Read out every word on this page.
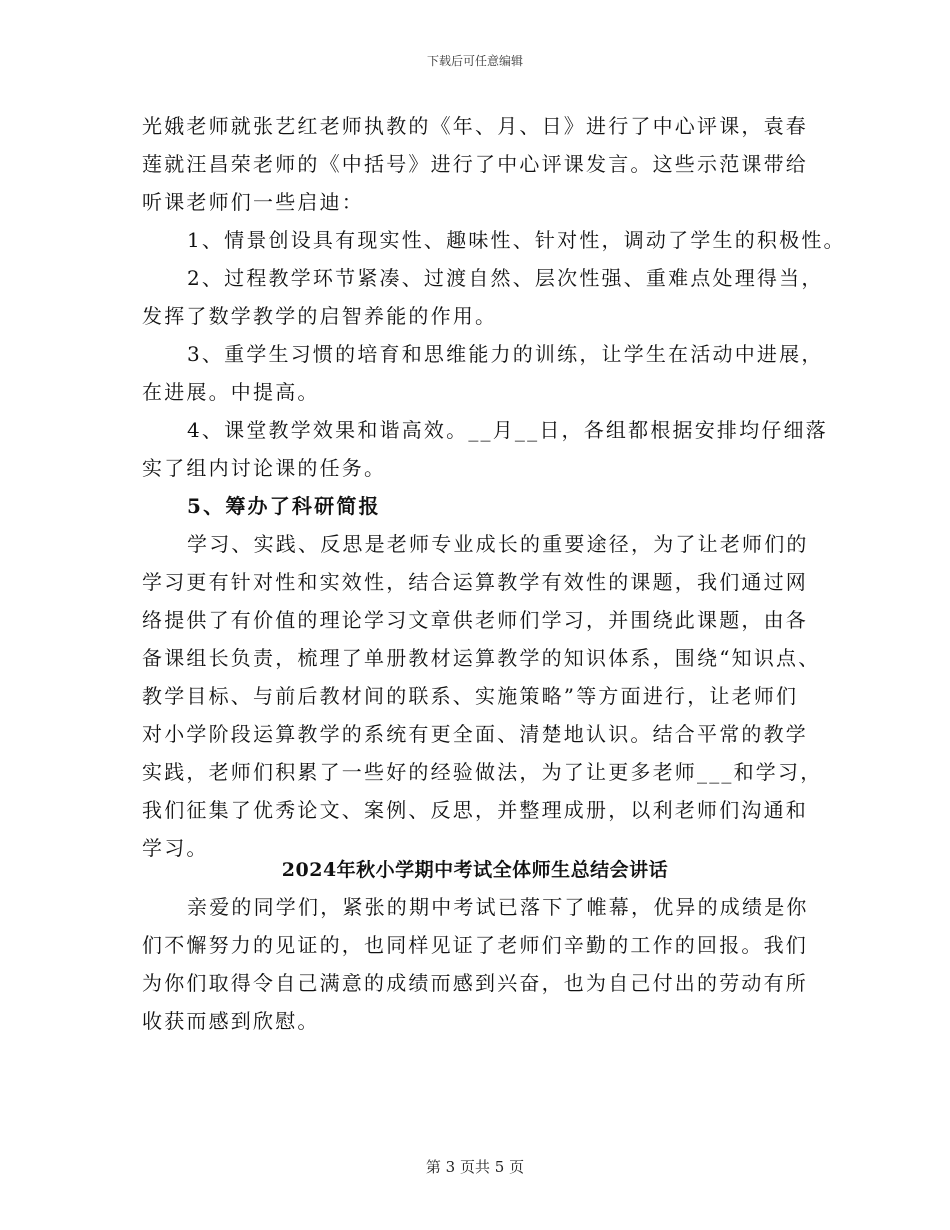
下载后可任意编辑
光娥老师就张艺红老师执教的《年、月、日》进行了中心评课，袁春
莲就汪昌荣老师的《中括号》进行了中心评课发言。这些示范课带给
听课老师们一些启迪：
1、情景创设具有现实性、趣味性、针对性，调动了学生的积极性。
2、过程教学环节紧凑、过渡自然、层次性强、重难点处理得当，
发挥了数学教学的启智养能的作用。
3、重学生习惯的培育和思维能力的训练，让学生在活动中进展，
在进展。中提高。
4、课堂教学效果和谐高效。__月__日，各组都根据安排均仔细落
实了组内讨论课的任务。
5、筹办了科研简报
学习、实践、反思是老师专业成长的重要途径，为了让老师们的
学习更有针对性和实效性，结合运算教学有效性的课题，我们通过网
络提供了有价值的理论学习文章供老师们学习，并围绕此课题，由各
备课组长负责，梳理了单册教材运算教学的知识体系，围绕“知识点、
教学目标、与前后教材间的联系、实施策略”等方面进行，让老师们
对小学阶段运算教学的系统有更全面、清楚地认识。结合平常的教学
实践，老师们积累了一些好的经验做法，为了让更多老师___和学习，
我们征集了优秀论文、案例、反思，并整理成册，以利老师们沟通和
学习。
2024年秋小学期中考试全体师生总结会讲话
亲爱的同学们，紧张的期中考试已落下了帷幕，优异的成绩是你
们不懈努力的见证的，也同样见证了老师们辛勤的工作的回报。我们
为你们取得令自己满意的成绩而感到兴奋，也为自己付出的劳动有所
收获而感到欣慰。
第 3 页共 5 页
